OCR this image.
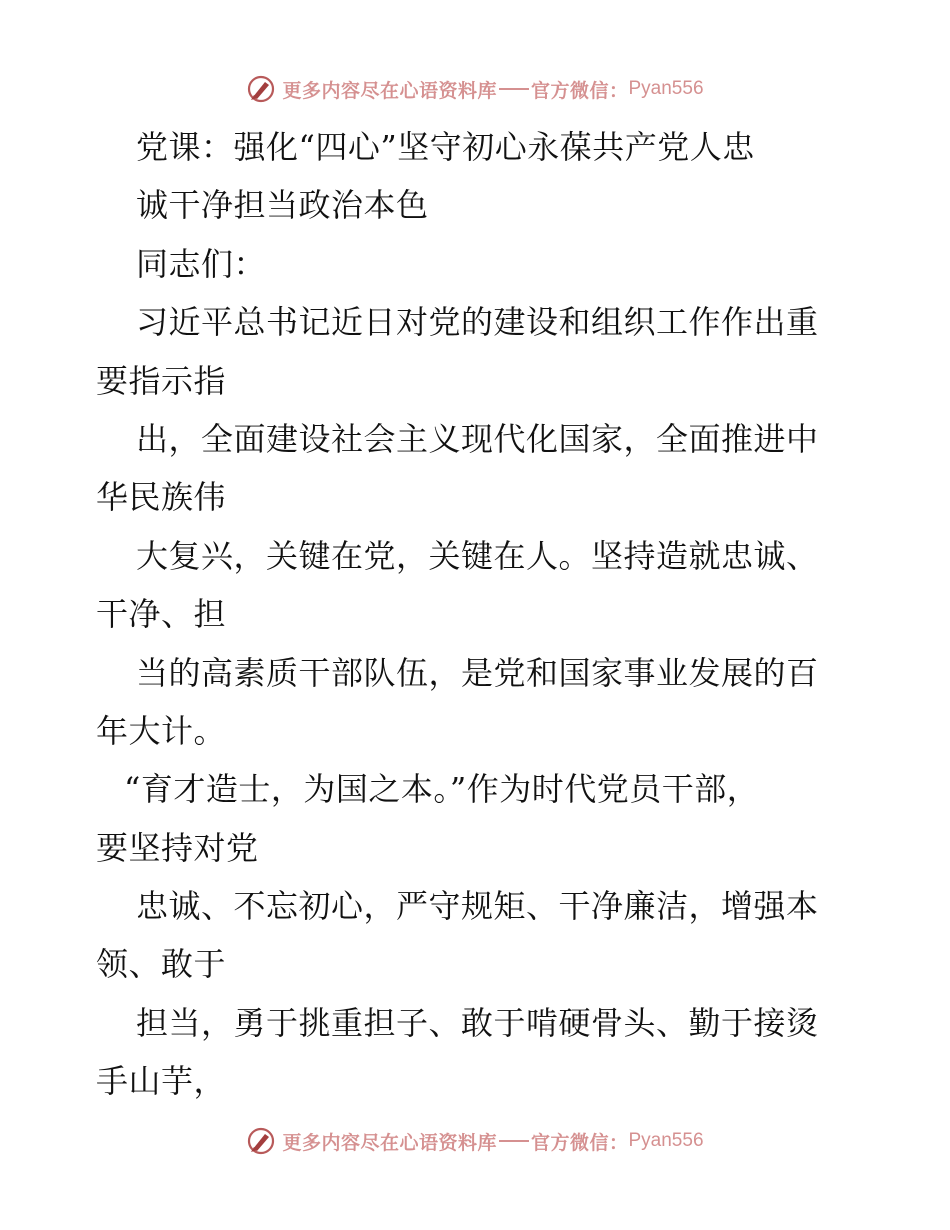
更多内容尽在心语资料库 官方微信： Pyan556
党课：强化“四心”坚守初心永葆共产党人忠
诚干净担当政治本色
同志们：
习近平总书记近日对党的建设和组织工作作出重
要指示指
出，全面建设社会主义现代化国家，全面推进中
华民族伟
大复兴，关键在党，关键在人。坚持造就忠诚、
干净、担
当的高素质干部队伍，是党和国家事业发展的百
年大计。
“育才造士，为国之本。”作为时代党员干部，
要坚持对党
忠诚、不忘初心，严守规矩、干净廉洁，增强本
领、敢于
担当，勇于挑重担子、敢于啃硬骨头、勤于接烫
手山芋，
更多内容尽在心语资料库 官方微信： Pyan556
